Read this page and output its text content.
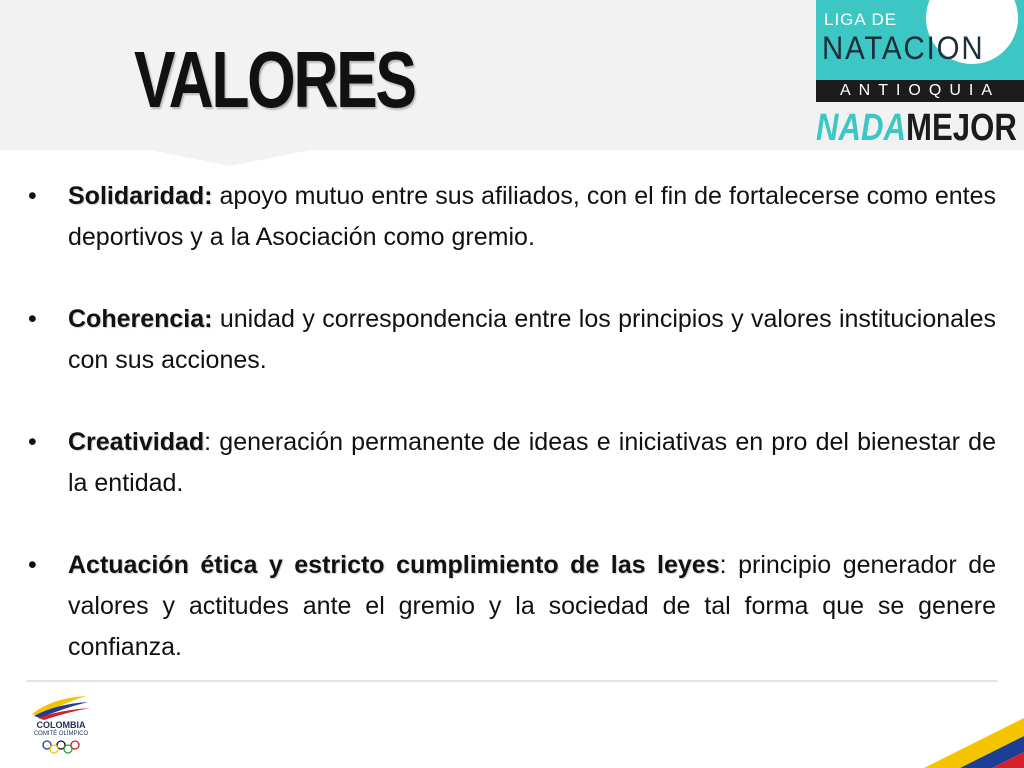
VALORES
LIGA DE
NATACION
ANTIOQUIA
NADAMEJOR
• Solidaridad: apoyo mutuo entre sus afiliados, con el fin de fortalecerse como entes deportivos y a la Asociación como gremio.
• Coherencia: unidad y correspondencia entre los principios y valores institucionales con sus acciones.
• Creatividad: generación permanente de ideas e iniciativas en pro del bienestar de la entidad.
• Actuación ética y estricto cumplimiento de las leyes: principio generador de valores y actitudes ante el gremio y la sociedad de tal forma que se genere confianza.
COLOMBIA
COMITÉ OLÍMPICO
